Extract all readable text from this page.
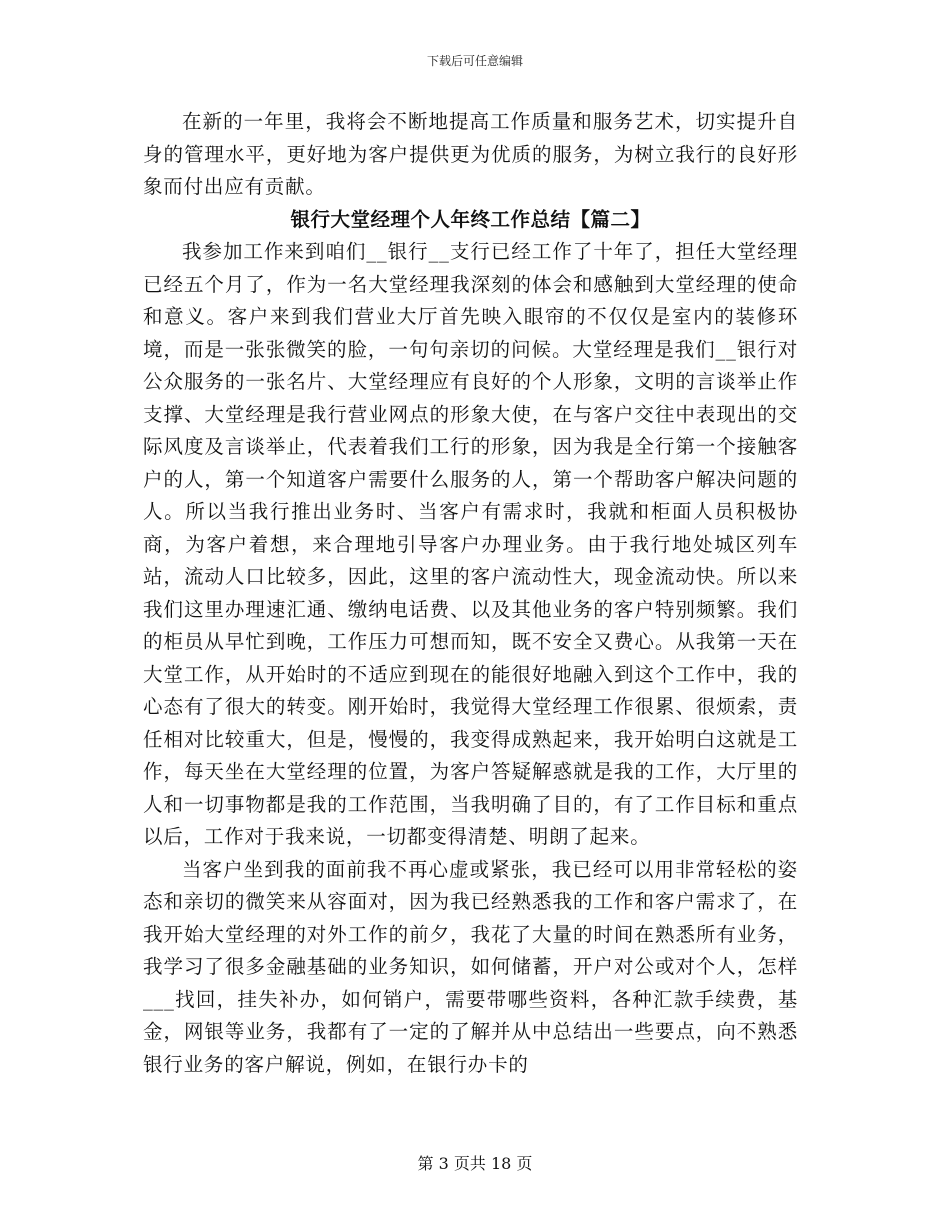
下载后可任意编辑

在新的一年里，我将会不断地提高工作质量和服务艺术，切实提升自身的管理水平，更好地为客户提供更为优质的服务，为树立我行的良好形象而付出应有贡献。

银行大堂经理个人年终工作总结【篇二】

我参加工作来到咱们__银行__支行已经工作了十年了，担任大堂经理已经五个月了，作为一名大堂经理我深刻的体会和感触到大堂经理的使命和意义。客户来到我们营业大厅首先映入眼帘的不仅仅是室内的装修环境，而是一张张微笑的脸，一句句亲切的问候。大堂经理是我们__银行对公众服务的一张名片、大堂经理应有良好的个人形象，文明的言谈举止作支撑、大堂经理是我行营业网点的形象大使，在与客户交往中表现出的交际风度及言谈举止，代表着我们工行的形象，因为我是全行第一个接触客户的人，第一个知道客户需要什么服务的人，第一个帮助客户解决问题的人。所以当我行推出业务时、当客户有需求时，我就和柜面人员积极协商，为客户着想，来合理地引导客户办理业务。由于我行地处城区列车站，流动人口比较多，因此，这里的客户流动性大，现金流动快。所以来我们这里办理速汇通、缴纳电话费、以及其他业务的客户特别频繁。我们的柜员从早忙到晚，工作压力可想而知，既不安全又费心。从我第一天在大堂工作，从开始时的不适应到现在的能很好地融入到这个工作中，我的心态有了很大的转变。刚开始时，我觉得大堂经理工作很累、很烦索，责任相对比较重大，但是，慢慢的，我变得成熟起来，我开始明白这就是工作，每天坐在大堂经理的位置，为客户答疑解惑就是我的工作，大厅里的人和一切事物都是我的工作范围，当我明确了目的，有了工作目标和重点以后，工作对于我来说，一切都变得清楚、明朗了起来。

当客户坐到我的面前我不再心虚或紧张，我已经可以用非常轻松的姿态和亲切的微笑来从容面对，因为我已经熟悉我的工作和客户需求了，在我开始大堂经理的对外工作的前夕，我花了大量的时间在熟悉所有业务，我学习了很多金融基础的业务知识，如何储蓄，开户对公或对个人，怎样___找回，挂失补办，如何销户，需要带哪些资料，各种汇款手续费，基金，网银等业务，我都有了一定的了解并从中总结出一些要点，向不熟悉银行业务的客户解说，例如，在银行办卡的

第 3 页共 18 页
